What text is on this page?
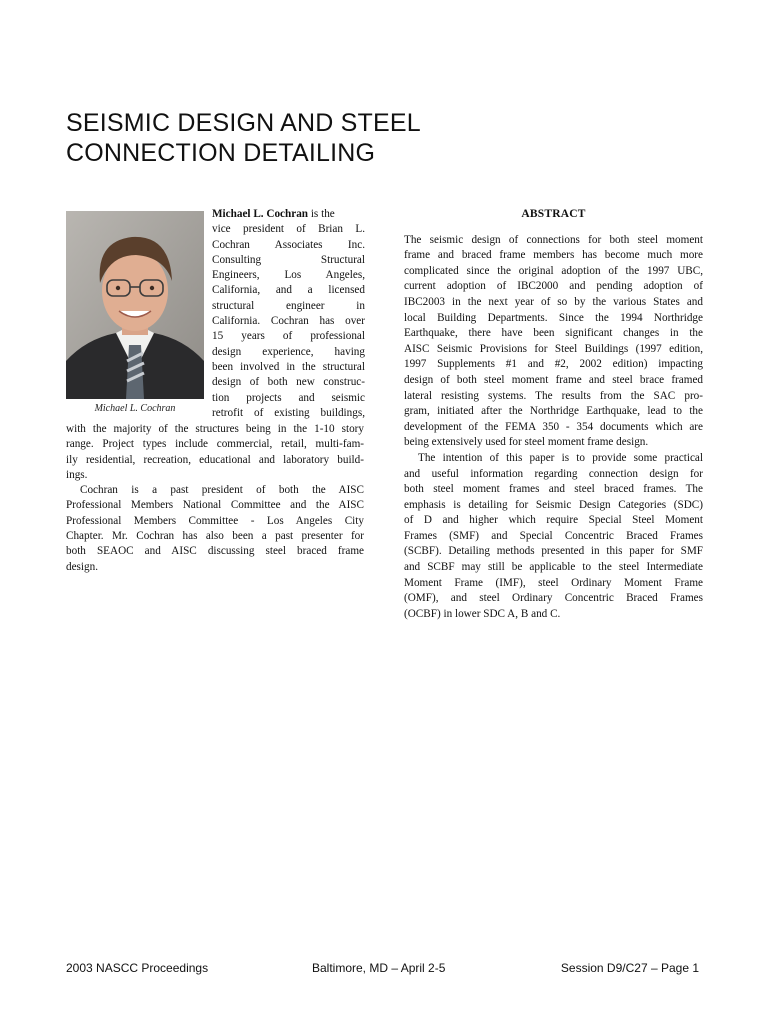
SEISMIC DESIGN AND STEEL
CONNECTION DETAILING
Michael L. Cochran
Michael L. Cochran is the
vice president of Brian L.
Cochran Associates Inc.
Consulting Structural
Engineers, Los Angeles,
California, and a licensed
structural engineer in
California. Cochran has over
15 years of professional
design experience, having
been involved in the structural
design of both new construc-
tion projects and seismic
retrofit of existing buildings,
with the majority of the structures being in the 1-10 story
range. Project types include commercial, retail, multi-fam-
ily residential, recreation, educational and laboratory build-
ings.
Cochran is a past president of both the AISC
Professional Members National Committee and the AISC
Professional Members Committee - Los Angeles City
Chapter. Mr. Cochran has also been a past presenter for
both SEAOC and AISC discussing steel braced frame
design.
ABSTRACT
The seismic design of connections for both steel moment
frame and braced frame members has become much more
complicated since the original adoption of the 1997 UBC,
current adoption of IBC2000 and pending adoption of
IBC2003 in the next year of so by the various States and
local Building Departments. Since the 1994 Northridge
Earthquake, there have been significant changes in the
AISC Seismic Provisions for Steel Buildings (1997 edition,
1997 Supplements #1 and #2, 2002 edition) impacting
design of both steel moment frame and steel brace framed
lateral resisting systems. The results from the SAC pro-
gram, initiated after the Northridge Earthquake, lead to the
development of the FEMA 350 - 354 documents which are
being extensively used for steel moment frame design.
The intention of this paper is to provide some practical
and useful information regarding connection design for
both steel moment frames and steel braced frames. The
emphasis is detailing for Seismic Design Categories (SDC)
of D and higher which require Special Steel Moment
Frames (SMF) and Special Concentric Braced Frames
(SCBF). Detailing methods presented in this paper for SMF
and SCBF may still be applicable to the steel Intermediate
Moment Frame (IMF), steel Ordinary Moment Frame
(OMF), and steel Ordinary Concentric Braced Frames
(OCBF) in lower SDC A, B and C.
2003 NASCC Proceedings	Baltimore, MD – April 2-5	Session D9/C27 – Page 1
